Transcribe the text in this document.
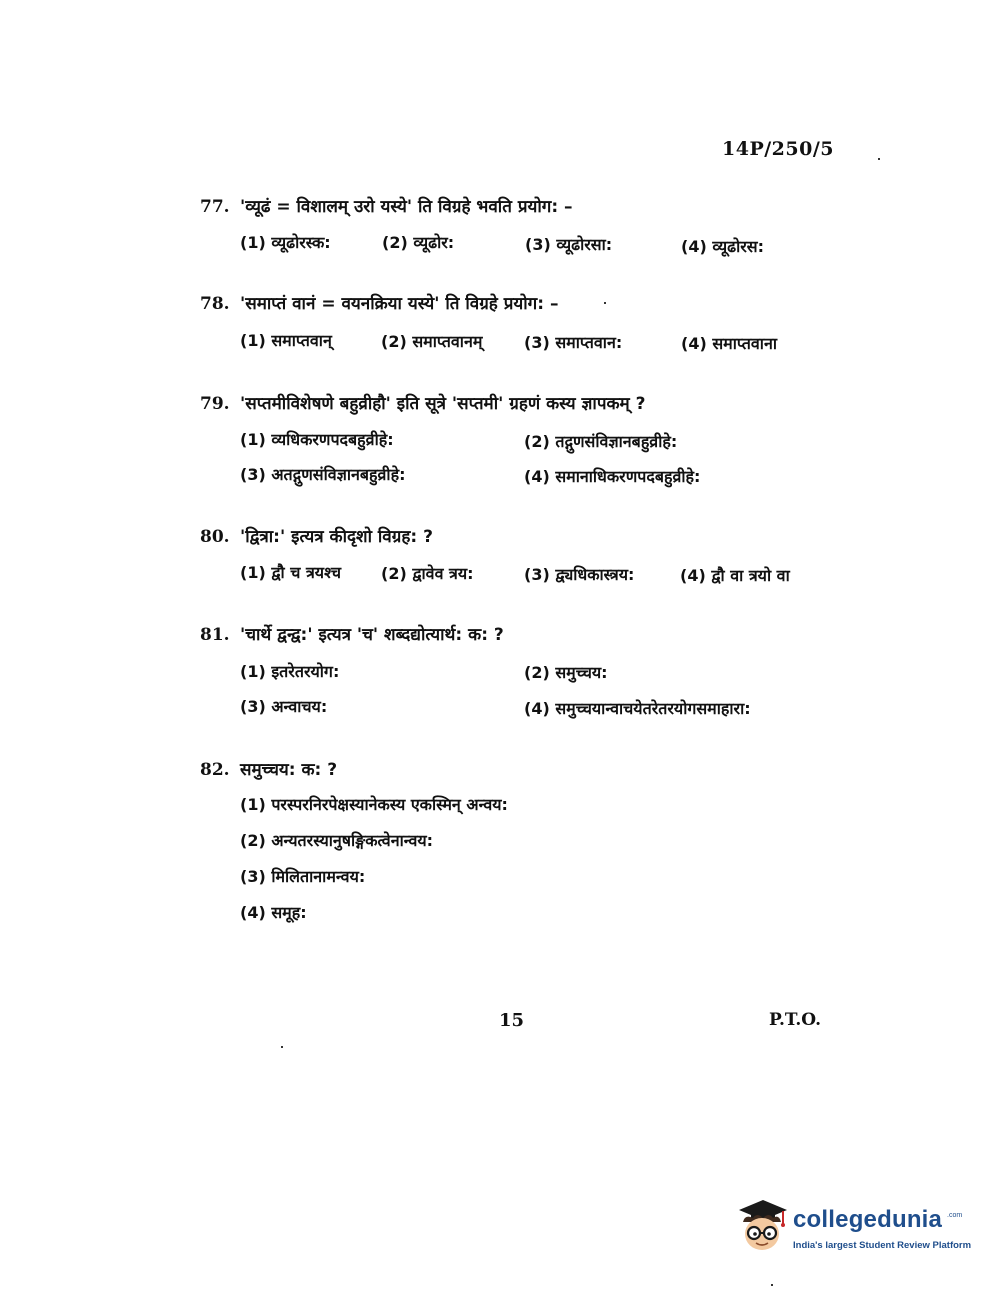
14P/250/5
77. 'व्यूढं = विशालम् उरो यस्ये' ति विग्रहे भवति प्रयोग: –
(1) व्यूढोरस्क:	(2) व्यूढोर:	(3) व्यूढोरसा:	(4) व्यूढोरस:
78. 'समाप्तं वानं = वयनक्रिया यस्ये' ति विग्रहे प्रयोग: –
(1) समाप्तवान्	(2) समाप्तवानम्	(3) समाप्तवान:	(4) समाप्तवाना
79. 'सप्तमीविशेषणे बहुव्रीहौ' इति सूत्रे 'सप्तमी' ग्रहणं कस्य ज्ञापकम् ?
(1) व्यधिकरणपदबहुव्रीहे:	(2) तद्गुणसंविज्ञानबहुव्रीहे:
(3) अतद्गुणसंविज्ञानबहुव्रीहे:	(4) समानाधिकरणपदबहुव्रीहे:
80. 'द्वित्रा:' इत्यत्र कीदृशो विग्रह: ?
(1) द्वौ च त्रयश्च (2) द्वावेव त्रय:	(3) द्व्यधिकास्त्रय:	(4) द्वौ वा त्रयो वा
81. 'चार्थे द्वन्द्व:' इत्यत्र 'च' शब्दद्योत्यार्थ: क: ?
(1) इतरेतरयोग:	(2) समुच्चय:
(3) अन्वाचय:	(4) समुच्चयान्वाचयेतरेतरयोगसमाहारा:
82. समुच्चय: क: ?
(1) परस्परनिरपेक्षस्यानेकस्य एकस्मिन् अन्वय:
(2) अन्यतरस्यानुषङ्गिकत्वेनान्वय:
(3) मिलितानामन्वय:
(4) समूह:
15	P.T.O.
collegedunia .com
India's largest Student Review Platform
